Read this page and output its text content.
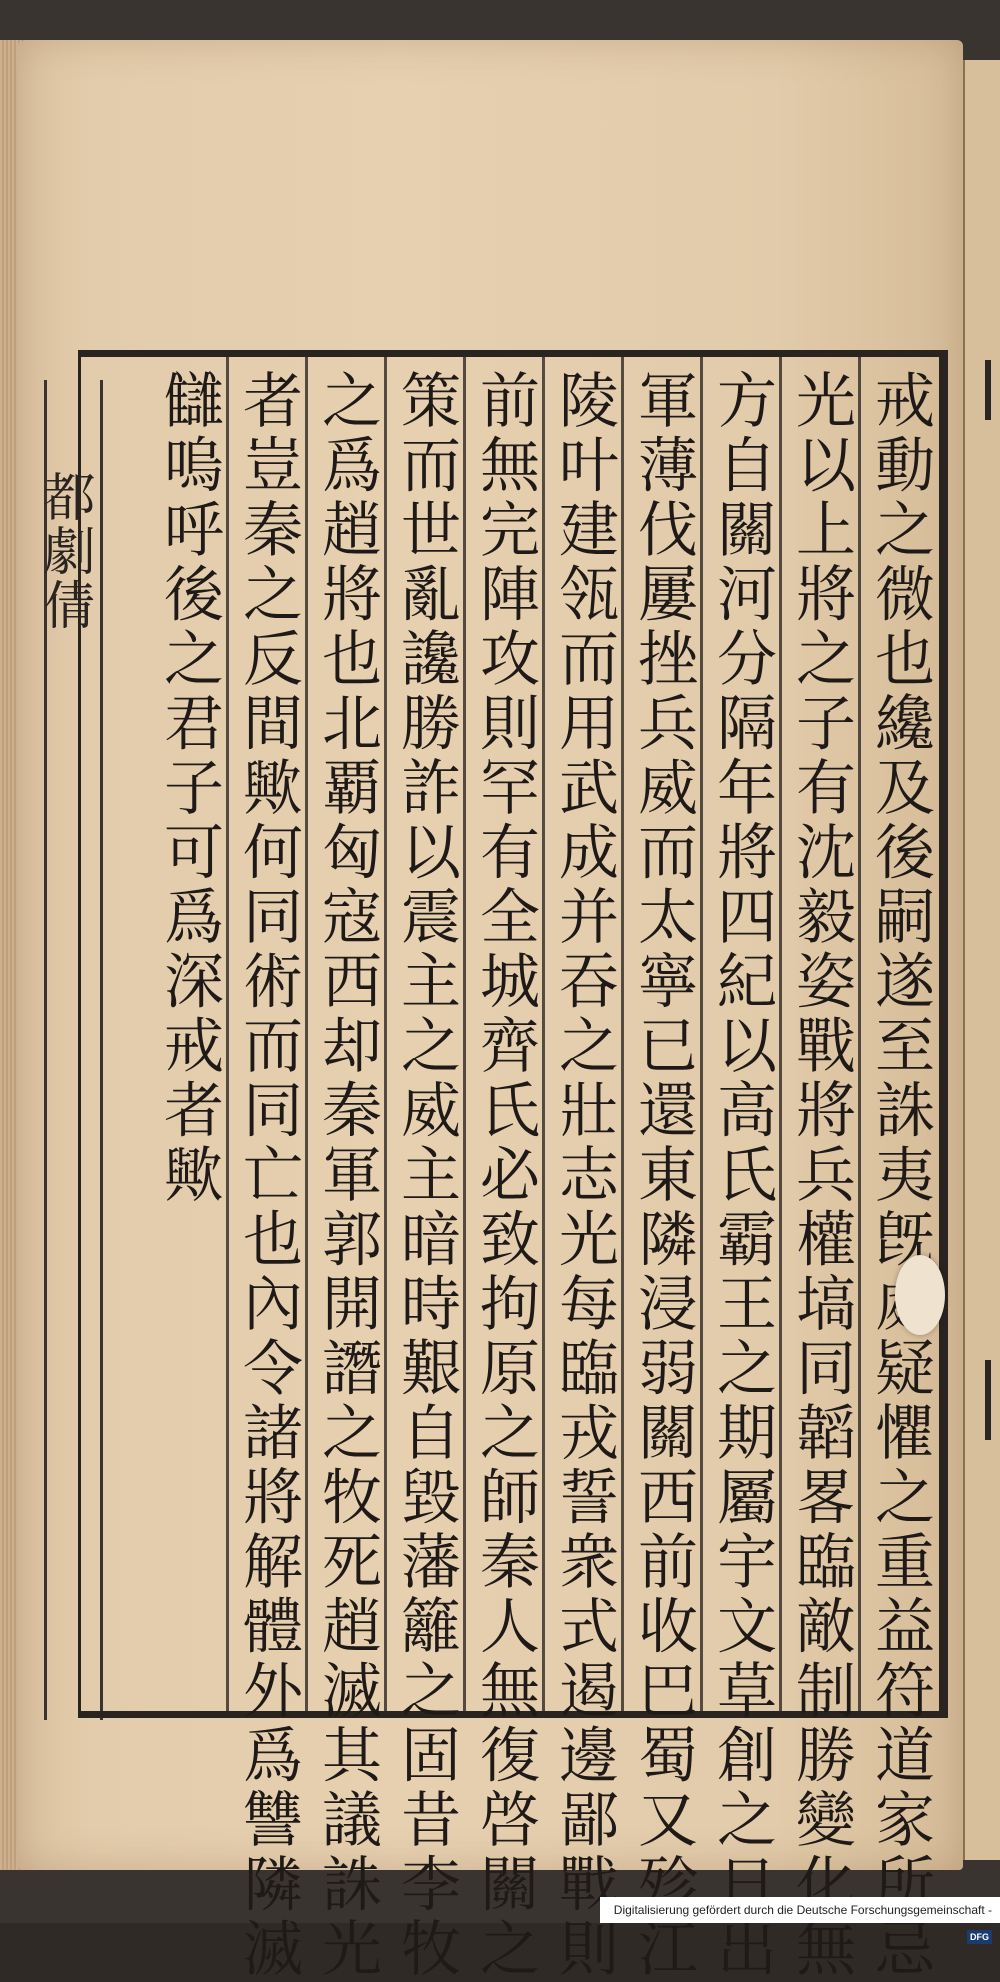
都劇倩	戒動之微也纔及後嗣遂至誅夷旣處疑懼之重益符道家所忌
光以上將之子有沈毅姿戰將兵權塙同韜畧臨敵制勝變化無
方自關河分隔年將四紀以高氏霸王之期屬宇文草創之日出
軍薄伐屢挫兵威而太寧已還東隣浸弱關西前收巴蜀又殄江
陵叶建瓴而用武成并吞之壯志光每臨戎誓衆式遏邊鄙戰則
前無完陣攻則罕有全城齊氏必致拘原之師秦人無復啓關之
策而世亂讒勝詐以震主之威主暗時艱自毀藩籬之固昔李牧
之爲趙將也北覇匈寇西却秦軍郭開譖之牧死趙滅其議誅光
者豈秦之反間歟何同術而同亡也內令諸將解體外爲讐隣滅
讎嗚呼後之君子可爲深戒者歟
Digitalisierung gefördert durch die Deutsche Forschungsgemeinschaft -
